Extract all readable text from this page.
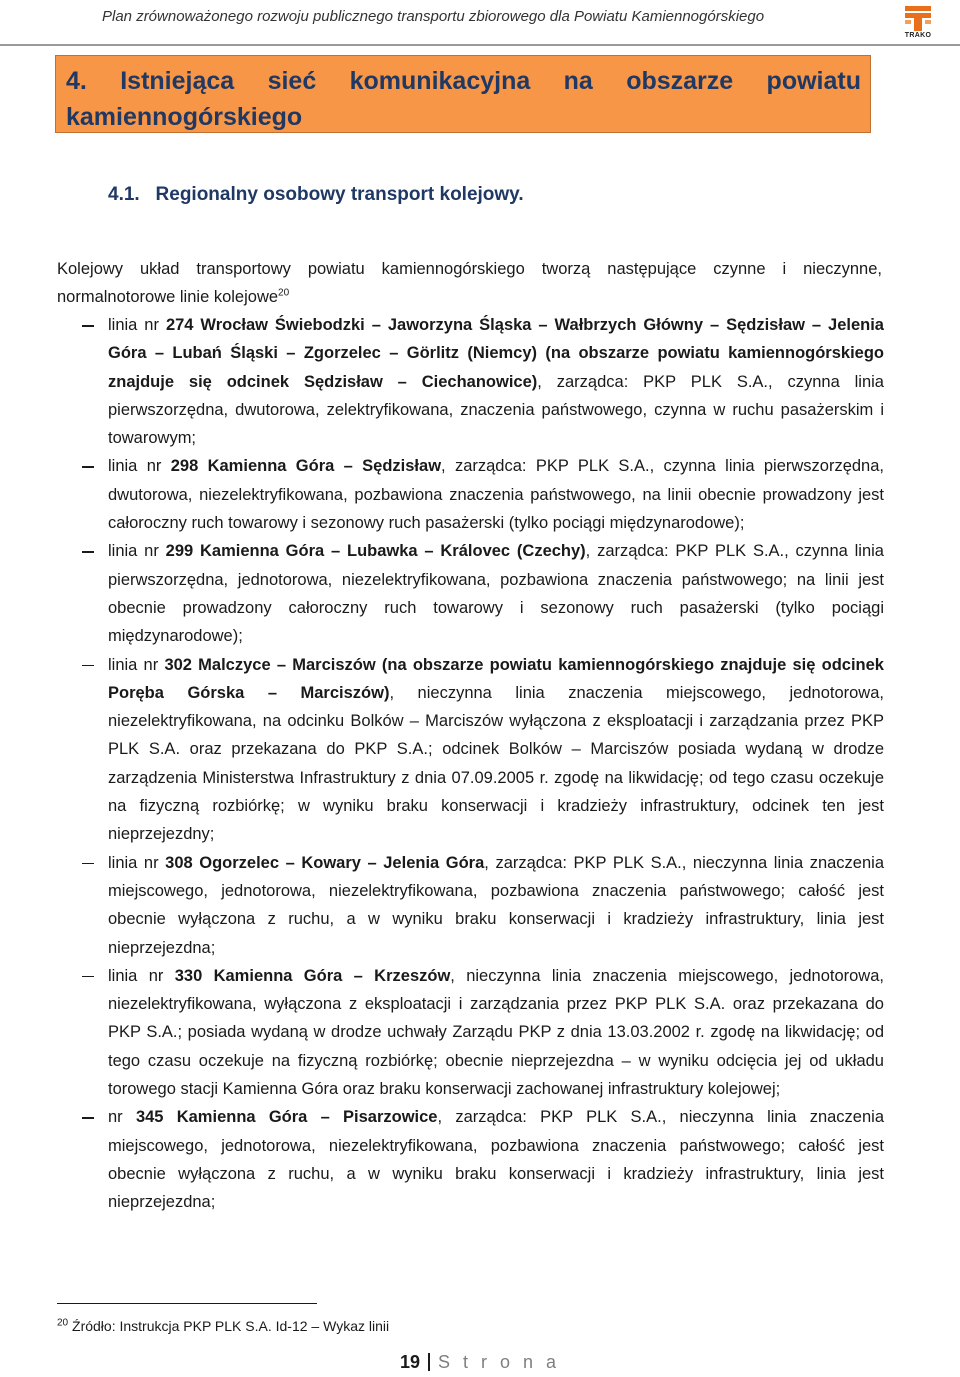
Plan zrównoważonego rozwoju publicznego transportu zbiorowego dla Powiatu Kamiennogórskiego
TRAKO
4. Istniejąca sieć komunikacyjna na obszarze powiatu kamiennogórskiego
4.1.   Regionalny osobowy transport kolejowy.
Kolejowy układ transportowy powiatu kamiennogórskiego tworzą następujące czynne i nieczynne, normalnotorowe linie kolejowe$^{20}$
linia nr 274 Wrocław Świebodzki – Jaworzyna Śląska – Wałbrzych Główny – Sędzisław – Jelenia Góra – Lubań Śląski – Zgorzelec – Görlitz (Niemcy) (na obszarze powiatu kamiennogórskiego znajduje się odcinek Sędzisław – Ciechanowice), zarządca: PKP PLK S.A., czynna linia pierwszorzędna, dwutorowa, zelektryfikowana, znaczenia państwowego, czynna w ruchu pasażerskim i towarowym;
linia nr 298 Kamienna Góra – Sędzisław, zarządca: PKP PLK S.A., czynna linia pierwszorzędna, dwutorowa, niezelektryfikowana, pozbawiona znaczenia państwowego, na linii obecnie prowadzony jest całoroczny ruch towarowy i sezonowy ruch pasażerski (tylko pociągi międzynarodowe);
linia nr 299 Kamienna Góra – Lubawka – Královec (Czechy), zarządca: PKP PLK S.A., czynna linia pierwszorzędna, jednotorowa, niezelektryfikowana, pozbawiona znaczenia państwowego; na linii jest obecnie prowadzony całoroczny ruch towarowy i sezonowy ruch pasażerski (tylko pociągi międzynarodowe);
linia nr 302 Malczyce – Marciszów (na obszarze powiatu kamiennogórskiego znajduje się odcinek Poręba Górska – Marciszów), nieczynna linia znaczenia miejscowego, jednotorowa, niezelektryfikowana, na odcinku Bolków – Marciszów wyłączona z eksploatacji i zarządzania przez PKP PLK S.A. oraz przekazana do PKP S.A.; odcinek Bolków – Marciszów posiada wydaną w drodze zarządzenia Ministerstwa Infrastruktury z dnia 07.09.2005 r. zgodę na likwidację; od tego czasu oczekuje na fizyczną rozbiórkę; w wyniku braku konserwacji i kradzieży infrastruktury, odcinek ten jest nieprzejezdny;
linia nr 308 Ogorzelec – Kowary – Jelenia Góra, zarządca: PKP PLK S.A., nieczynna linia znaczenia miejscowego, jednotorowa, niezelektryfikowana, pozbawiona znaczenia państwowego; całość jest obecnie wyłączona z ruchu, a w wyniku braku konserwacji i kradzieży infrastruktury, linia jest nieprzejezdna;
linia nr 330 Kamienna Góra – Krzeszów, nieczynna linia znaczenia miejscowego, jednotorowa, niezelektryfikowana, wyłączona z eksploatacji i zarządzania przez PKP PLK S.A. oraz przekazana do PKP S.A.; posiada wydaną w drodze uchwały Zarządu PKP z dnia 13.03.2002 r. zgodę na likwidację; od tego czasu oczekuje na fizyczną rozbiórkę; obecnie nieprzejezdna – w wyniku odcięcia jej od układu torowego stacji Kamienna Góra oraz braku konserwacji zachowanej infrastruktury kolejowej;
nr 345 Kamienna Góra – Pisarzowice, zarządca: PKP PLK S.A., nieczynna linia znaczenia miejscowego, jednotorowa, niezelektryfikowana, pozbawiona znaczenia państwowego; całość jest obecnie wyłączona z ruchu, a w wyniku braku konserwacji i kradzieży infrastruktury, linia jest nieprzejezdna;
$^{20}$ Źródło: Instrukcja PKP PLK S.A. Id-12 – Wykaz linii
19 S t r o n a
